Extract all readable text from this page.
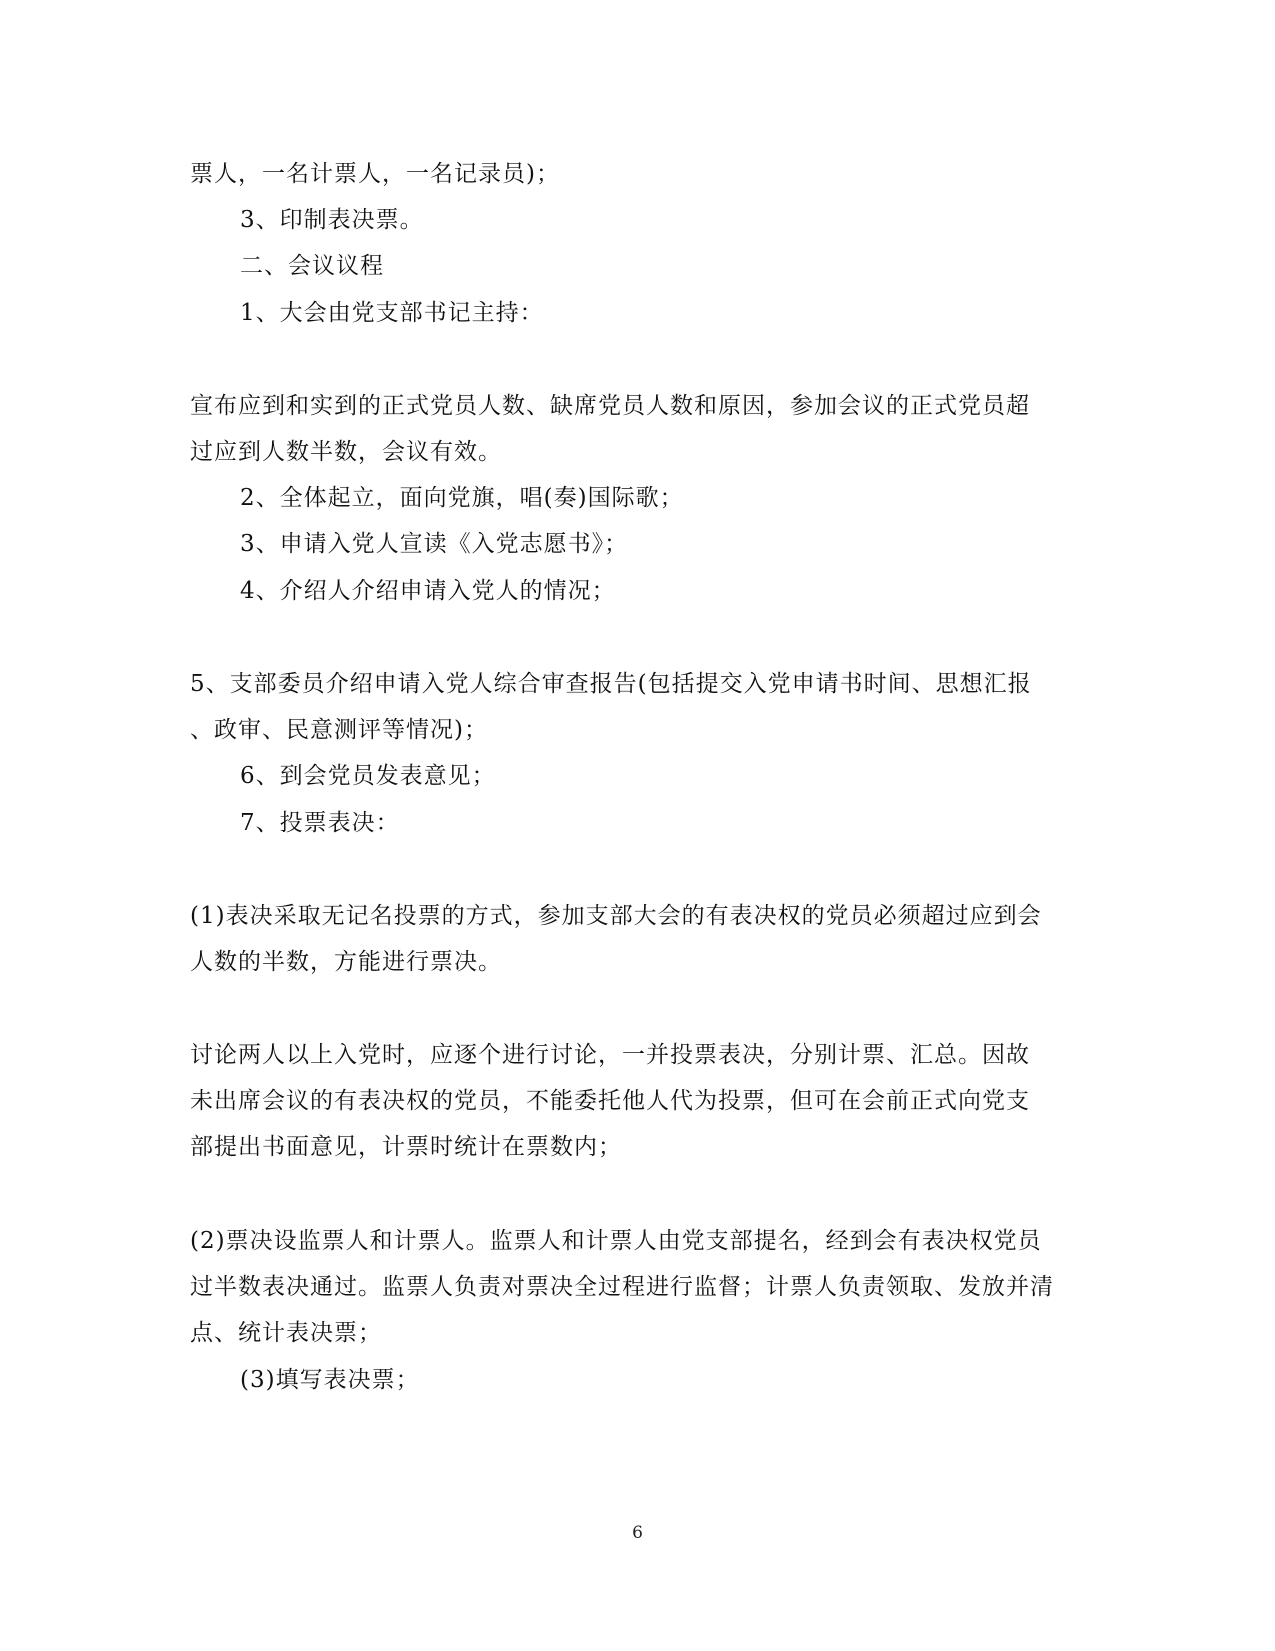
票人，一名计票人，一名记录员)；
3、印制表决票。
二、会议议程
1、大会由党支部书记主持：
宣布应到和实到的正式党员人数、缺席党员人数和原因，参加会议的正式党员超
过应到人数半数，会议有效。
2、全体起立，面向党旗，唱(奏)国际歌；
3、申请入党人宣读《入党志愿书》；
4、介绍人介绍申请入党人的情况；
5、支部委员介绍申请入党人综合审查报告(包括提交入党申请书时间、思想汇报
、政审、民意测评等情况)；
6、到会党员发表意见；
7、投票表决：
(1)表决采取无记名投票的方式，参加支部大会的有表决权的党员必须超过应到会
人数的半数，方能进行票决。
讨论两人以上入党时，应逐个进行讨论，一并投票表决，分别计票、汇总。因故
未出席会议的有表决权的党员，不能委托他人代为投票，但可在会前正式向党支
部提出书面意见，计票时统计在票数内；
(2)票决设监票人和计票人。监票人和计票人由党支部提名，经到会有表决权党员
过半数表决通过。监票人负责对票决全过程进行监督；计票人负责领取、发放并清
点、统计表决票；
(3)填写表决票；
6
